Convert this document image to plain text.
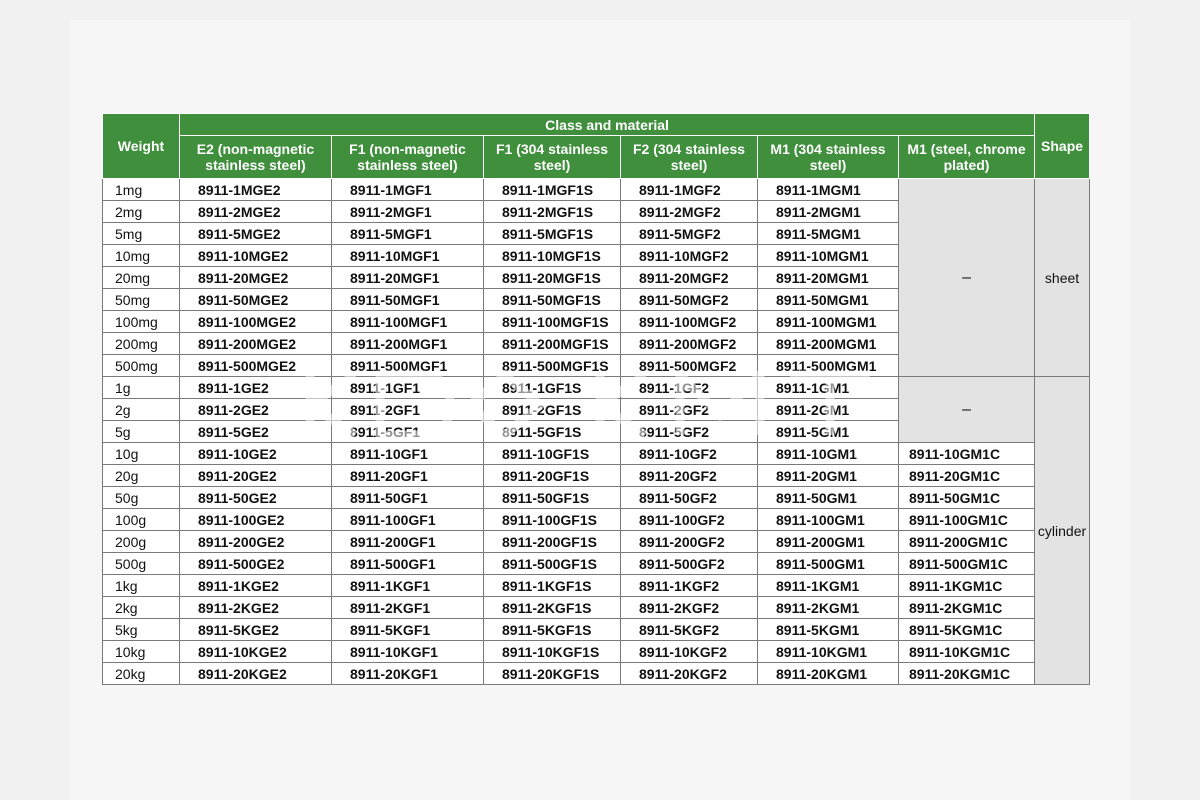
Weight	Class and material						Shape
	E2 (non-magnetic stainless steel)	F1 (non-magnetic stainless steel)	F1 (304 stainless steel)	F2 (304 stainless steel)	M1 (304 stainless steel)	M1 (steel, chrome plated)	
1mg	8911-1MGE2	8911-1MGF1	8911-1MGF1S	8911-1MGF2	8911-1MGM1	–	sheet
2mg	8911-2MGE2	8911-2MGF1	8911-2MGF1S	8911-2MGF2	8911-2MGM1		
5mg	8911-5MGE2	8911-5MGF1	8911-5MGF1S	8911-5MGF2	8911-5MGM1		
10mg	8911-10MGE2	8911-10MGF1	8911-10MGF1S	8911-10MGF2	8911-10MGM1		
20mg	8911-20MGE2	8911-20MGF1	8911-20MGF1S	8911-20MGF2	8911-20MGM1		
50mg	8911-50MGE2	8911-50MGF1	8911-50MGF1S	8911-50MGF2	8911-50MGM1		
100mg	8911-100MGE2	8911-100MGF1	8911-100MGF1S	8911-100MGF2	8911-100MGM1		
200mg	8911-200MGE2	8911-200MGF1	8911-200MGF1S	8911-200MGF2	8911-200MGM1		
500mg	8911-500MGE2	8911-500MGF1	8911-500MGF1S	8911-500MGF2	8911-500MGM1		
1g	8911-1GE2	8911-1GF1	8911-1GF1S	8911-1GF2	8911-1GM1	–	cylinder
2g	8911-2GE2	8911-2GF1	8911-2GF1S	8911-2GF2	8911-2GM1		
5g	8911-5GE2	8911-5GF1	8911-5GF1S	8911-5GF2	8911-5GM1		
10g	8911-10GE2	8911-10GF1	8911-10GF1S	8911-10GF2	8911-10GM1	8911-10GM1C	
20g	8911-20GE2	8911-20GF1	8911-20GF1S	8911-20GF2	8911-20GM1	8911-20GM1C	
50g	8911-50GE2	8911-50GF1	8911-50GF1S	8911-50GF2	8911-50GM1	8911-50GM1C	
100g	8911-100GE2	8911-100GF1	8911-100GF1S	8911-100GF2	8911-100GM1	8911-100GM1C	
200g	8911-200GE2	8911-200GF1	8911-200GF1S	8911-200GF2	8911-200GM1	8911-200GM1C	
500g	8911-500GE2	8911-500GF1	8911-500GF1S	8911-500GF2	8911-500GM1	8911-500GM1C	
1kg	8911-1KGE2	8911-1KGF1	8911-1KGF1S	8911-1KGF2	8911-1KGM1	8911-1KGM1C	
2kg	8911-2KGE2	8911-2KGF1	8911-2KGF1S	8911-2KGF2	8911-2KGM1	8911-2KGM1C	
5kg	8911-5KGE2	8911-5KGF1	8911-5KGF1S	8911-5KGF2	8911-5KGM1	8911-5KGM1C	
10kg	8911-10KGE2	8911-10KGF1	8911-10KGF1S	8911-10KGF2	8911-10KGM1	8911-10KGM1C	
20kg	8911-20KGE2	8911-20KGF1	8911-20KGF1S	8911-20KGF2	8911-20KGM1	8911-20KGM1C	
